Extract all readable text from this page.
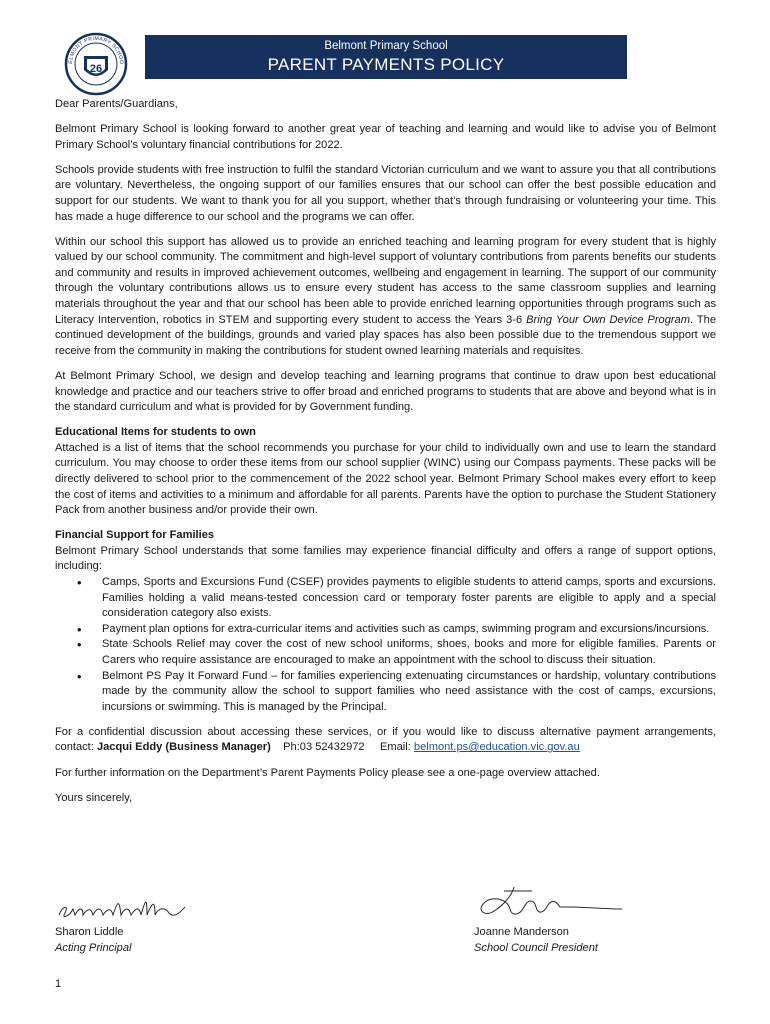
ELMONT PRIMARY SCHOO
26
Belmont Primary School
PARENT PAYMENTS POLICY

Dear Parents/Guardians,

Belmont Primary School is looking forward to another great year of teaching and learning and would like to advise you of Belmont Primary School’s voluntary financial contributions for 2022.

Schools provide students with free instruction to fulfil the standard Victorian curriculum and we want to assure you that all contributions are voluntary. Nevertheless, the ongoing support of our families ensures that our school can offer the best possible education and support for our students. We want to thank you for all you support, whether that’s through fundraising or volunteering your time. This has made a huge difference to our school and the programs we can offer.

Within our school this support has allowed us to provide an enriched teaching and learning program for every student that is highly valued by our school community. The commitment and high-level support of voluntary contributions from parents benefits our students and community and results in improved achievement outcomes, wellbeing and engagement in learning. The support of our community through the voluntary contributions allows us to ensure every student has access to the same classroom supplies and learning materials throughout the year and that our school has been able to provide enriched learning opportunities through programs such as Literacy Intervention, robotics in STEM and supporting every student to access the Years 3-6 Bring Your Own Device Program. The continued development of the buildings, grounds and varied play spaces has also been possible due to the tremendous support we receive from the community in making the contributions for student owned learning materials and requisites.

At Belmont Primary School, we design and develop teaching and learning programs that continue to draw upon best educational knowledge and practice and our teachers strive to offer broad and enriched programs to students that are above and beyond what is in the standard curriculum and what is provided for by Government funding.

Educational Items for students to own

Attached is a list of items that the school recommends you purchase for your child to individually own and use to learn the standard curriculum. You may choose to order these items from our school supplier (WINC) using our Compass payments. These packs will be directly delivered to school prior to the commencement of the 2022 school year. Belmont Primary School makes every effort to keep the cost of items and activities to a minimum and affordable for all parents. Parents have the option to purchase the Student Stationery Pack from another business and/or provide their own.

Financial Support for Families

Belmont Primary School understands that some families may experience financial difficulty and offers a range of support options, including:

• Camps, Sports and Excursions Fund (CSEF) provides payments to eligible students to attend camps, sports and excursions. Families holding a valid means-tested concession card or temporary foster parents are eligible to apply and a special consideration category also exists.
• Payment plan options for extra-curricular items and activities such as camps, swimming program and excursions/incursions.
• State Schools Relief may cover the cost of new school uniforms, shoes, books and more for eligible families. Parents or Carers who require assistance are encouraged to make an appointment with the school to discuss their situation.
• Belmont PS Pay It Forward Fund – for families experiencing extenuating circumstances or hardship, voluntary contributions made by the community allow the school to support families who need assistance with the cost of camps, excursions, incursions or swimming. This is managed by the Principal.

For a confidential discussion about accessing these services, or if you would like to discuss alternative payment arrangements, contact: Jacqui Eddy (Business Manager) Ph:03 52432972 Email: belmont.ps@education.vic.gov.au

For further information on the Department’s Parent Payments Policy please see a one-page overview attached.

Yours sincerely,

Sharon Liddle
Acting Principal
Joanne Manderson
School Council President
1
